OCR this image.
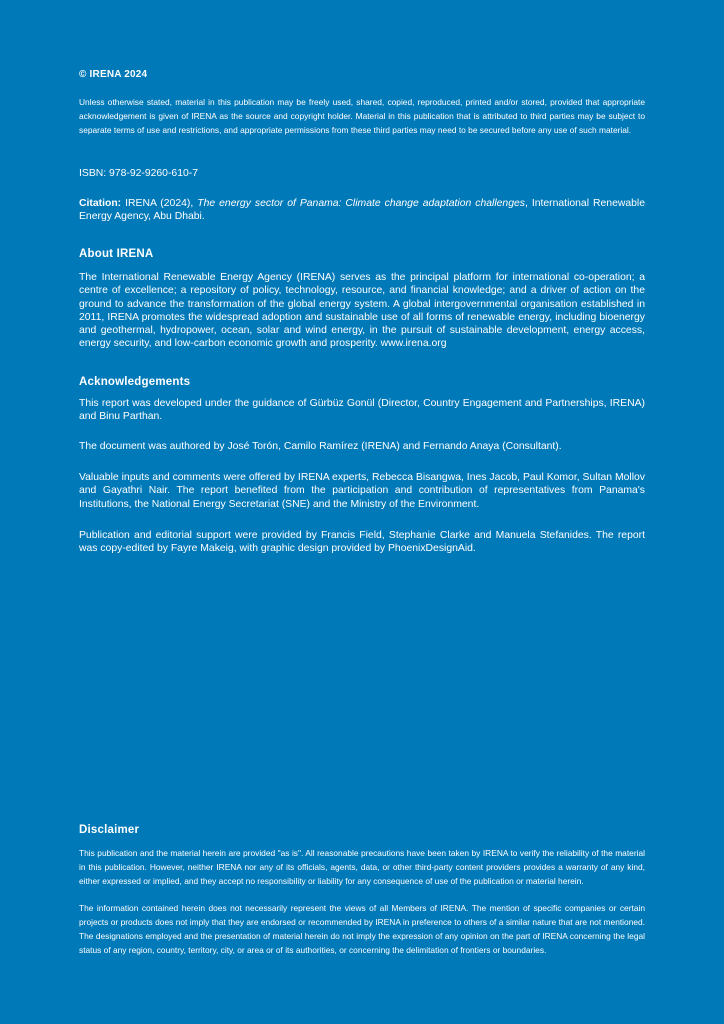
© IRENA 2024

Unless otherwise stated, material in this publication may be freely used, shared, copied, reproduced, printed and/or stored, provided that appropriate acknowledgement is given of IRENA as the source and copyright holder. Material in this publication that is attributed to third parties may be subject to separate terms of use and restrictions, and appropriate permissions from these third parties may need to be secured before any use of such material.

ISBN: 978-92-9260-610-7

Citation: IRENA (2024), The energy sector of Panama: Climate change adaptation challenges, International Renewable Energy Agency, Abu Dhabi.

About IRENA

The International Renewable Energy Agency (IRENA) serves as the principal platform for international co-operation; a centre of excellence; a repository of policy, technology, resource, and financial knowledge; and a driver of action on the ground to advance the transformation of the global energy system. A global intergovernmental organisation established in 2011, IRENA promotes the widespread adoption and sustainable use of all forms of renewable energy, including bioenergy and geothermal, hydropower, ocean, solar and wind energy, in the pursuit of sustainable development, energy access, energy security, and low-carbon economic growth and prosperity. www.irena.org

Acknowledgements

This report was developed under the guidance of Gürbüz Gonül (Director, Country Engagement and Partnerships, IRENA) and Binu Parthan.

The document was authored by José Torón, Camilo Ramírez (IRENA) and Fernando Anaya (Consultant).

Valuable inputs and comments were offered by IRENA experts, Rebecca Bisangwa, Ines Jacob, Paul Komor, Sultan Mollov and Gayathri Nair. The report benefited from the participation and contribution of representatives from Panama's Institutions, the National Energy Secretariat (SNE) and the Ministry of the Environment.

Publication and editorial support were provided by Francis Field, Stephanie Clarke and Manuela Stefanides. The report was copy-edited by Fayre Makeig, with graphic design provided by PhoenixDesignAid.

Disclaimer

This publication and the material herein are provided "as is". All reasonable precautions have been taken by IRENA to verify the reliability of the material in this publication. However, neither IRENA nor any of its officials, agents, data, or other third-party content providers provides a warranty of any kind, either expressed or implied, and they accept no responsibility or liability for any consequence of use of the publication or material herein.

The information contained herein does not necessarily represent the views of all Members of IRENA. The mention of specific companies or certain projects or products does not imply that they are endorsed or recommended by IRENA in preference to others of a similar nature that are not mentioned. The designations employed and the presentation of material herein do not imply the expression of any opinion on the part of IRENA concerning the legal status of any region, country, territory, city, or area or of its authorities, or concerning the delimitation of frontiers or boundaries.
